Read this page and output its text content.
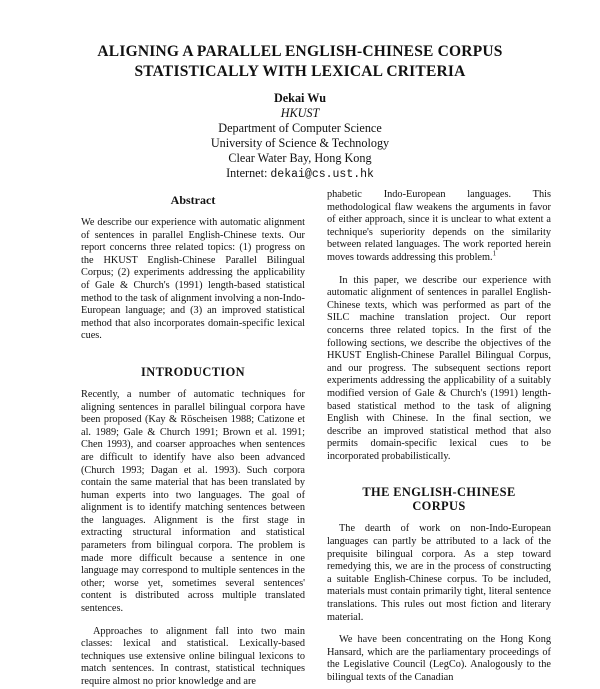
ALIGNING A PARALLEL ENGLISH-CHINESE CORPUS
STATISTICALLY WITH LEXICAL CRITERIA
Dekai Wu
HKUST
Department of Computer Science
University of Science & Technology
Clear Water Bay, Hong Kong
Internet: dekai@cs.ust.hk
Abstract

We describe our experience with automatic alignment of sentences in parallel English-Chinese texts. Our report concerns three related topics: (1) progress on the HKUST English-Chinese Parallel Bilingual Corpus; (2) experiments addressing the applicability of Gale & Church's (1991) length-based statistical method to the task of alignment involving a non-Indo-European language; and (3) an improved statistical method that also incorporates domain-specific lexical cues.

INTRODUCTION

Recently, a number of automatic techniques for aligning sentences in parallel bilingual corpora have been proposed (Kay & Röscheisen 1988; Catizone et al. 1989; Gale & Church 1991; Brown et al. 1991; Chen 1993), and coarser approaches when sentences are difficult to identify have also been advanced (Church 1993; Dagan et al. 1993). Such corpora contain the same material that has been translated by human experts into two languages. The goal of alignment is to identify matching sentences between the languages. Alignment is the first stage in extracting structural information and statistical parameters from bilingual corpora. The problem is made more difficult because a sentence in one language may correspond to multiple sentences in the other; worse yet, sometimes several sentences' content is distributed across multiple translated sentences.

Approaches to alignment fall into two main classes: lexical and statistical. Lexically-based techniques use extensive online bilingual lexicons to match sentences. In contrast, statistical techniques require almost no prior knowledge and are

phabetic Indo-European languages. This methodological flaw weakens the arguments in favor of either approach, since it is unclear to what extent a technique's superiority depends on the similarity between related languages. The work reported herein moves towards addressing this problem.$^1$

In this paper, we describe our experience with automatic alignment of sentences in parallel English-Chinese texts, which was performed as part of the SILC machine translation project. Our report concerns three related topics. In the first of the following sections, we describe the objectives of the HKUST English-Chinese Parallel Bilingual Corpus, and our progress. The subsequent sections report experiments addressing the applicability of a suitably modified version of Gale & Church's (1991) length-based statistical method to the task of aligning English with Chinese. In the final section, we describe an improved statistical method that also permits domain-specific lexical cues to be incorporated probabilistically.

THE ENGLISH-CHINESE
CORPUS

The dearth of work on non-Indo-European languages can partly be attributed to a lack of the prequisite bilingual corpora. As a step toward remedying this, we are in the process of constructing a suitable English-Chinese corpus. To be included, materials must contain primarily tight, literal sentence translations. This rules out most fiction and literary material.

We have been concentrating on the Hong Kong Hansard, which are the parliamentary proceedings of the Legislative Council (LegCo). Analogously to the bilingual texts of the Canadian
